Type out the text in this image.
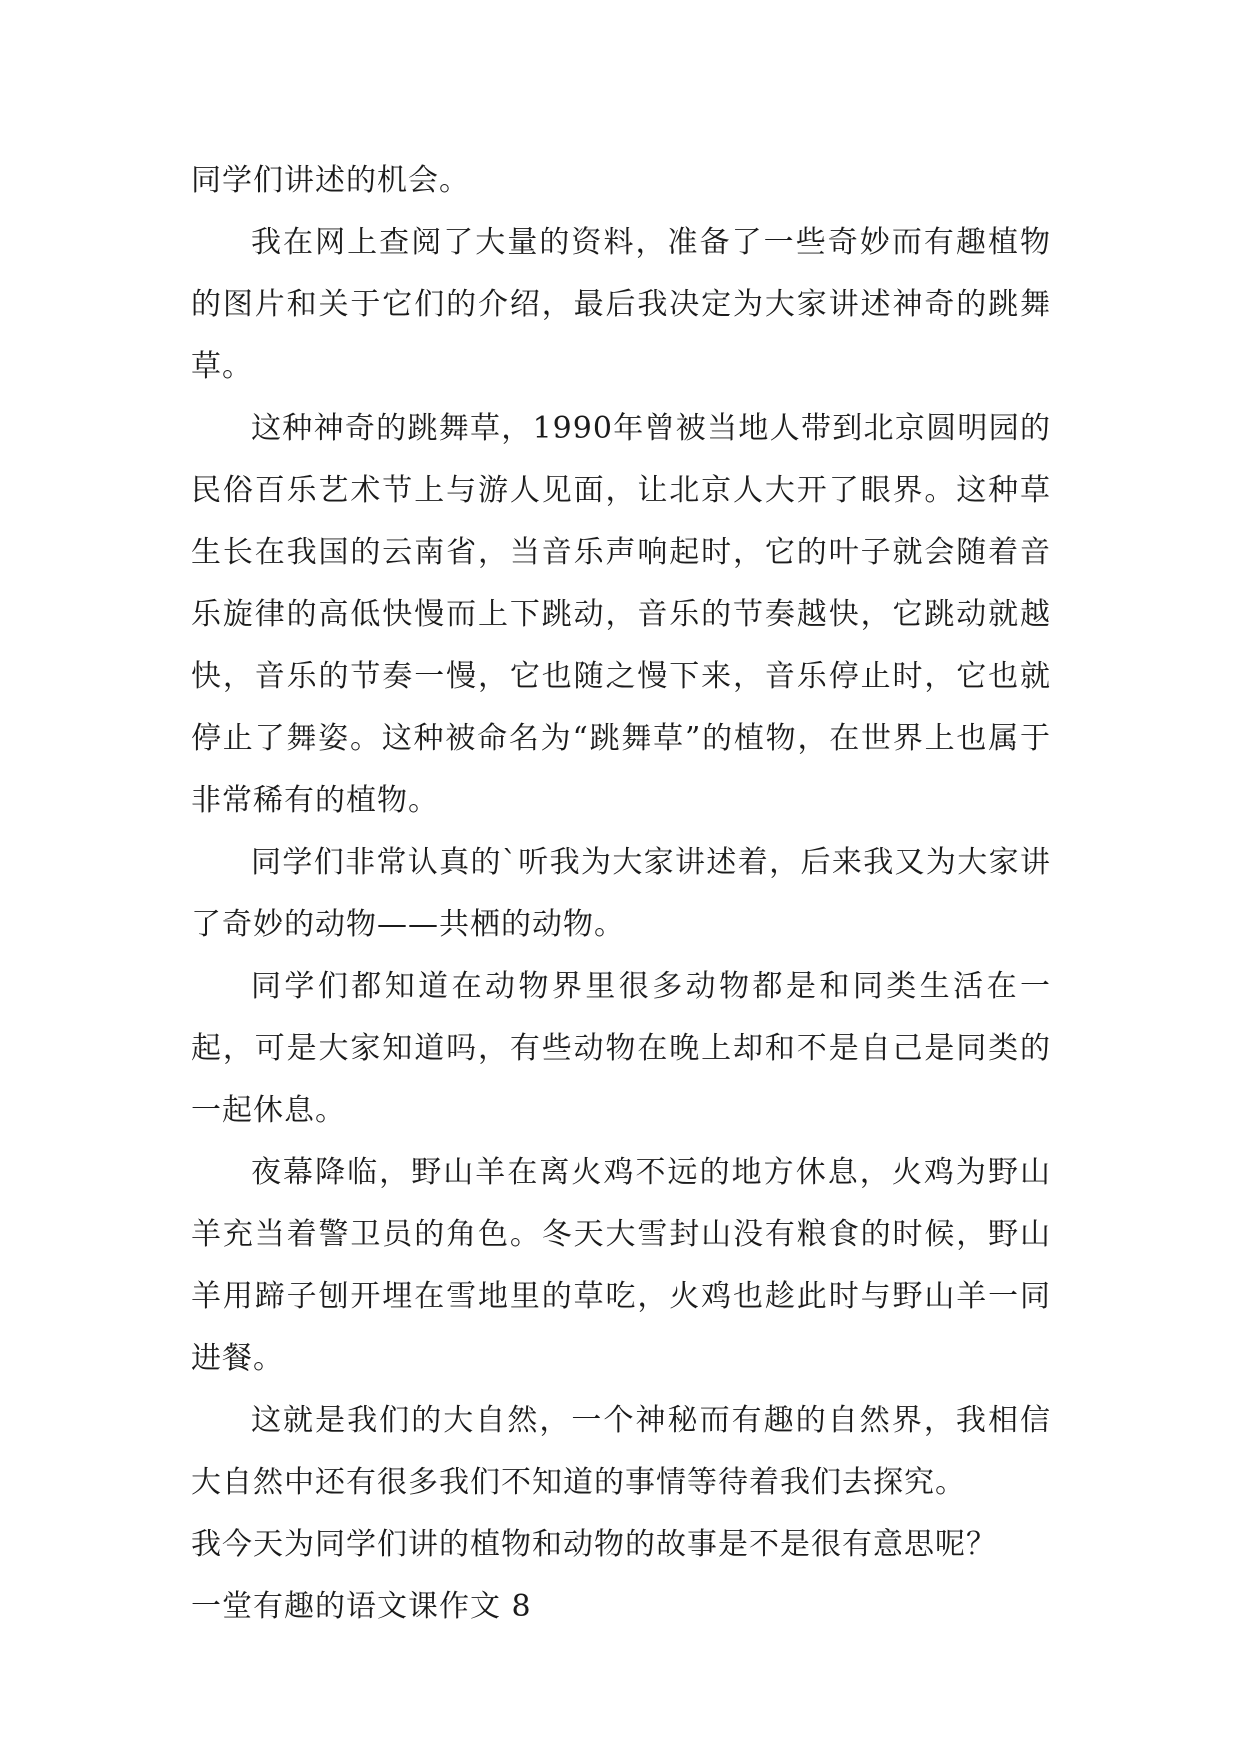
同学们讲述的机会。

我在网上查阅了大量的资料，准备了一些奇妙而有趣植物的图片和关于它们的介绍，最后我决定为大家讲述神奇的跳舞草。

这种神奇的跳舞草，1990年曾被当地人带到北京圆明园的民俗百乐艺术节上与游人见面，让北京人大开了眼界。这种草生长在我国的云南省，当音乐声响起时，它的叶子就会随着音乐旋律的高低快慢而上下跳动，音乐的节奏越快，它跳动就越快，音乐的节奏一慢，它也随之慢下来，音乐停止时，它也就停止了舞姿。这种被命名为“跳舞草”的植物，在世界上也属于非常稀有的植物。

同学们非常认真的`听我为大家讲述着，后来我又为大家讲了奇妙的动物——共栖的动物。

同学们都知道在动物界里很多动物都是和同类生活在一起，可是大家知道吗，有些动物在晚上却和不是自己是同类的一起休息。

夜幕降临，野山羊在离火鸡不远的地方休息，火鸡为野山羊充当着警卫员的角色。冬天大雪封山没有粮食的时候，野山羊用蹄子刨开埋在雪地里的草吃，火鸡也趁此时与野山羊一同进餐。

这就是我们的大自然，一个神秘而有趣的自然界，我相信大自然中还有很多我们不知道的事情等待着我们去探究。

我今天为同学们讲的植物和动物的故事是不是很有意思呢？

一堂有趣的语文课作文 8
